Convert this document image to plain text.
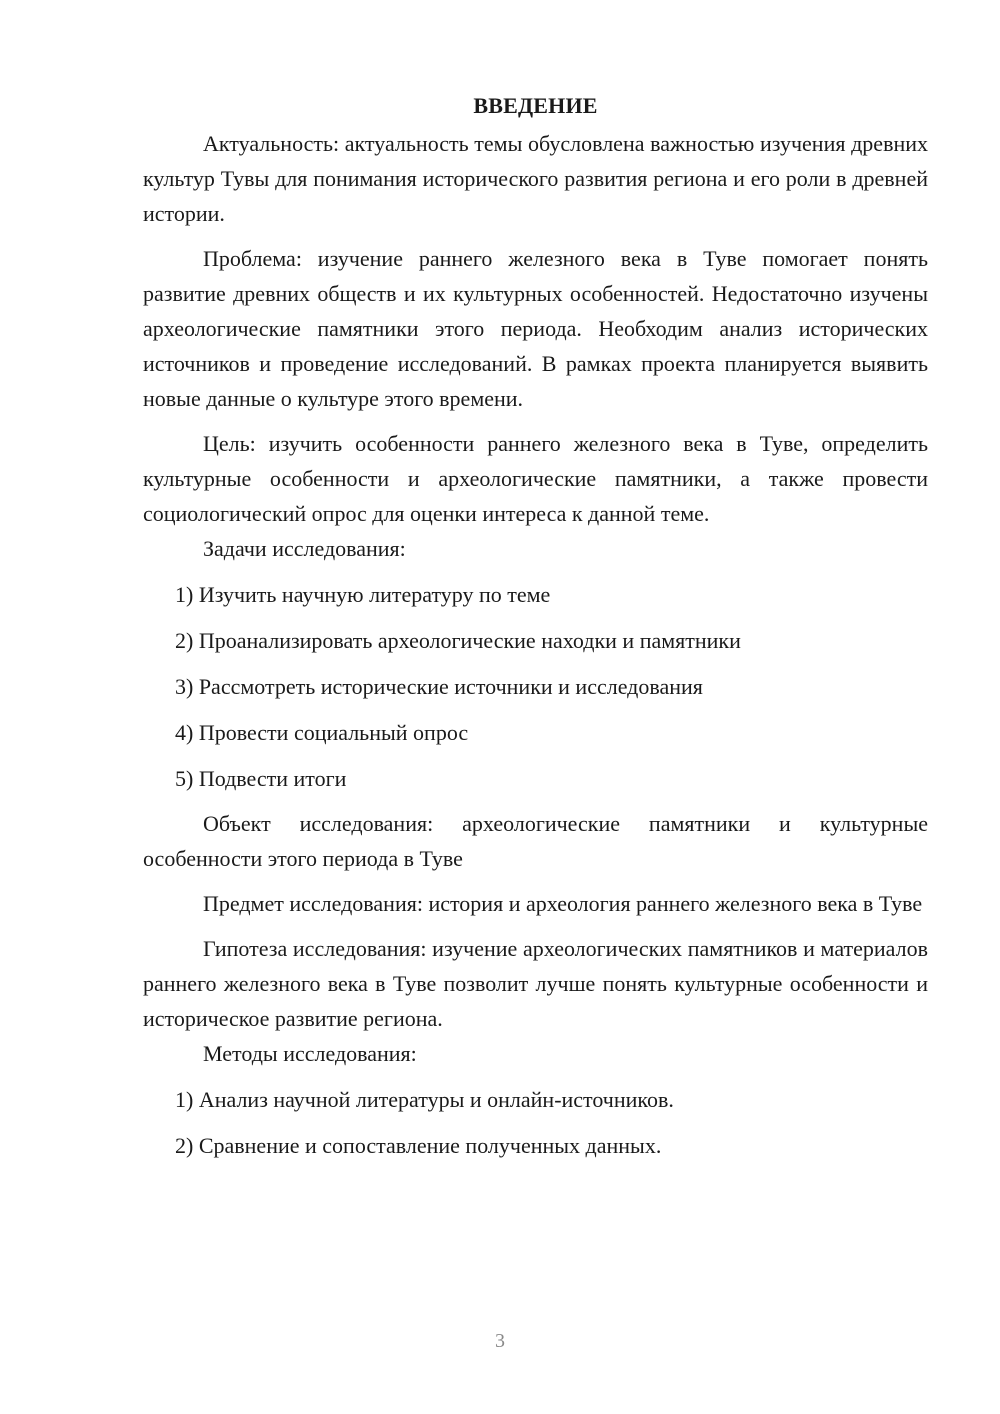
ВВЕДЕНИЕ

Актуальность: актуальность темы обусловлена важностью изучения древних культур Тувы для понимания исторического развития региона и его роли в древней истории.

Проблема: изучение раннего железного века в Туве помогает понять развитие древних обществ и их культурных особенностей. Недостаточно изучены археологические памятники этого периода. Необходим анализ исторических источников и проведение исследований. В рамках проекта планируется выявить новые данные о культуре этого времени.

Цель: изучить особенности раннего железного века в Туве, определить культурные особенности и археологические памятники, а также провести социологический опрос для оценки интереса к данной теме.

Задачи исследования:

1) Изучить научную литературу по теме

2) Проанализировать археологические находки и памятники

3) Рассмотреть исторические источники и исследования

4) Провести социальный опрос

5) Подвести итоги

Объект исследования: археологические памятники и культурные особенности этого периода в Туве

Предмет исследования: история и археология раннего железного века в Туве

Гипотеза исследования: изучение археологических памятников и материалов раннего железного века в Туве позволит лучше понять культурные особенности и историческое развитие региона.

Методы исследования:

1) Анализ научной литературы и онлайн-источников.

2) Сравнение и сопоставление полученных данных.

3
